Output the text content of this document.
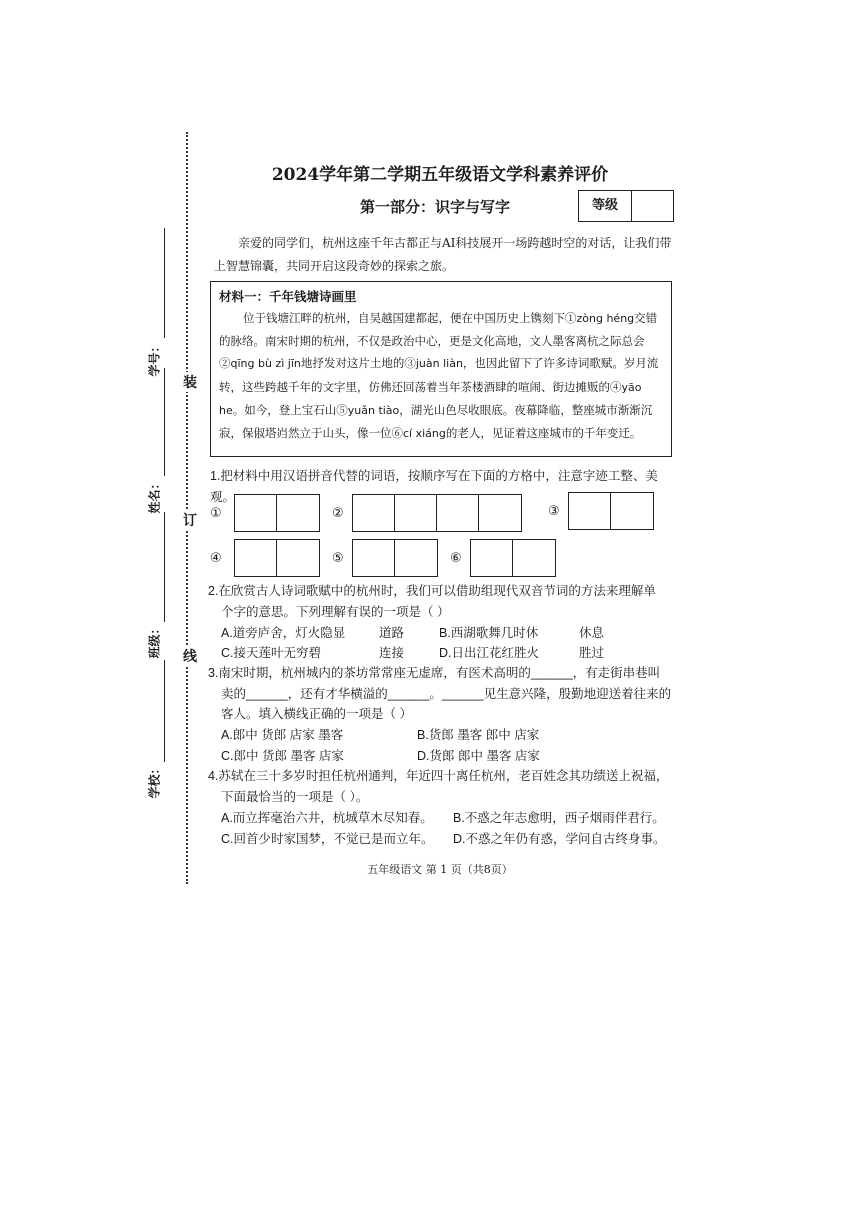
装
订
线
学号：
姓名：
班级：
学校：
2024学年第二学期五年级语文学科素养评价
第一部分：识字与写字	等级
亲爱的同学们，杭州这座千年古都正与AI科技展开一场跨越时空的对话，让我们带上智慧锦囊，共同开启这段奇妙的探索之旅。
材料一：千年钱塘诗画里
位于钱塘江畔的杭州，自吴越国建都起，便在中国历史上镌刻下①zòng héng交错的脉络。南宋时期的杭州，不仅是政治中心，更是文化高地，文人墨客离杭之际总会②qīng bù zì jīn地抒发对这片土地的③juàn liàn，也因此留下了许多诗词歌赋。岁月流转，这些跨越千年的文字里，仿佛还回荡着当年茶楼酒肆的喧闹、街边摊贩的④yāo he。如今，登上宝石山⑤yuǎn tiào，湖光山色尽收眼底。夜幕降临，整座城市渐渐沉寂，保俶塔岿然立于山头，像一位⑥cí xiáng的老人，见证着这座城市的千年变迁。
1.把材料中用汉语拼音代替的词语，按顺序写在下面的方格中，注意字迹工整、美观。
①	②	③
④	⑤	⑥
2.在欣赏古人诗词歌赋中的杭州时，我们可以借助组现代双音节词的方法来理解单
个字的意思。下列理解有误的一项是（ ）
A.道旁庐舍，灯火隐显	道路	B.西湖歌舞几时休	休息
C.接天莲叶无穷碧	连接	D.日出江花红胜火	胜过
3.南宋时期，杭州城内的茶坊常常座无虚席，有医术高明的______，有走街串巷叫
卖的______，还有才华横溢的______。______见生意兴隆，殷勤地迎送着往来的
客人。填入横线正确的一项是（ ）
A.郎中 货郎 店家 墨客	B.货郎 墨客 郎中 店家
C.郎中 货郎 墨客 店家	D.货郎 郎中 墨客 店家
4.苏轼在三十多岁时担任杭州通判，年近四十离任杭州，老百姓念其功绩送上祝福，
下面最恰当的一项是（ ）。
A.而立挥毫治六井，杭城草木尽知春。 B.不惑之年志愈明，西子烟雨伴君行。
C.回首少时家国梦，不觉已是而立年。 D.不惑之年仍有惑，学问自古终身事。
五年级语文 第 1 页（共8页）
